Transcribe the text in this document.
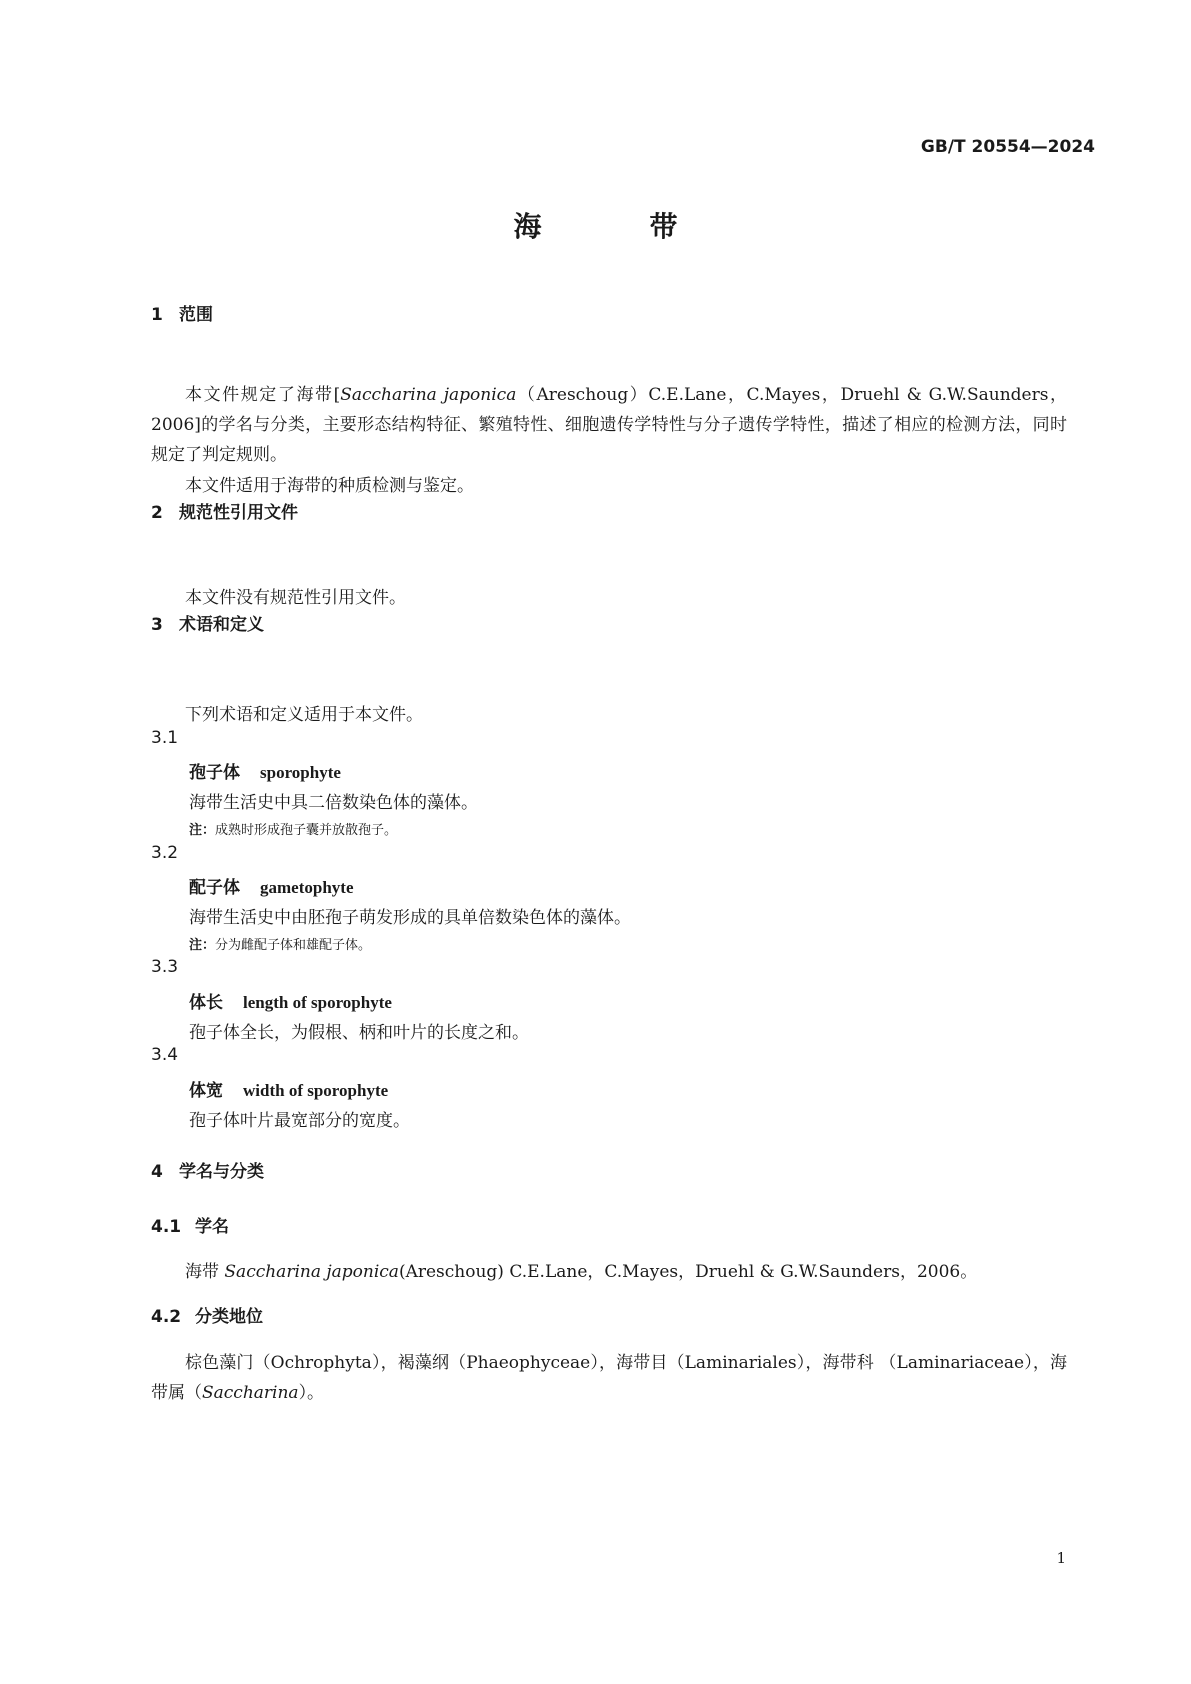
GB/T 20554—2024
海	带
1 范围
本文件规定了海带[Saccharina japonica（Areschoug）C.E.Lane，C.Mayes，Druehl & G.W.Saunders，2006]的学名与分类，主要形态结构特征、繁殖特性、细胞遗传学特性与分子遗传学特性，描述了相应的检测方法，同时规定了判定规则。
本文件适用于海带的种质检测与鉴定。
2 规范性引用文件
本文件没有规范性引用文件。
3 术语和定义
下列术语和定义适用于本文件。
3.1
孢子体 sporophyte
海带生活史中具二倍数染色体的藻体。
注：成熟时形成孢子囊并放散孢子。
3.2
配子体 gametophyte
海带生活史中由胚孢子萌发形成的具单倍数染色体的藻体。
注：分为雌配子体和雄配子体。
3.3
体长 length of sporophyte
孢子体全长，为假根、柄和叶片的长度之和。
3.4
体宽 width of sporophyte
孢子体叶片最宽部分的宽度。
4 学名与分类
4.1 学名
海带 Saccharina japonica(Areschoug) C.E.Lane，C.Mayes，Druehl & G.W.Saunders，2006。
4.2 分类地位
棕色藻门（Ochrophyta），褐藻纲（Phaeophyceae），海带目（Laminariales），海带科 （Laminariaceae），海带属（Saccharina）。
1
